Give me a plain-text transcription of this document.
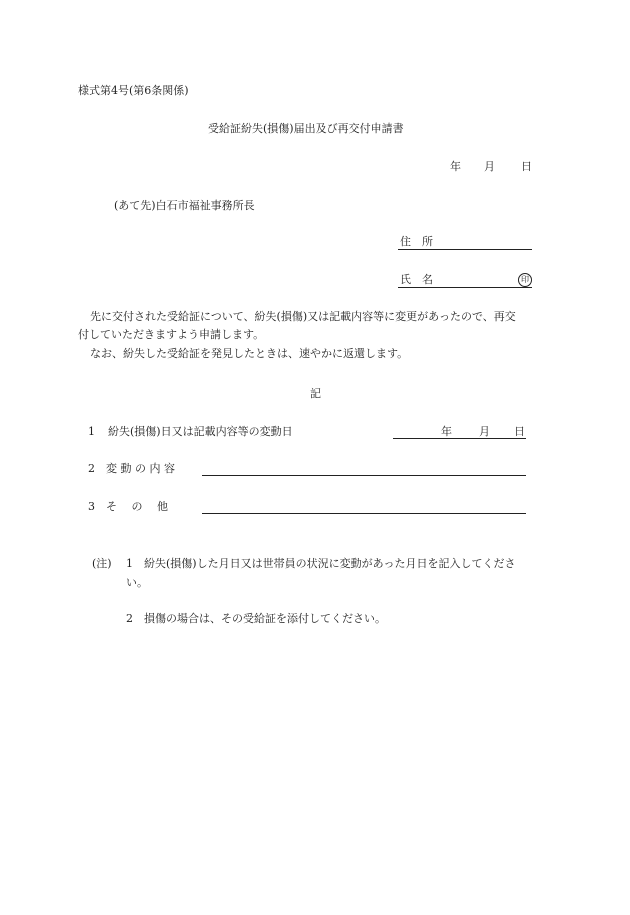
様式第4号(第6条関係)
受給証紛失(損傷)届出及び再交付申請書
年 月 日
(あて先)白石市福祉事務所長
住　所
氏　名	印
先に交付された受給証について、紛失(損傷)又は記載内容等に変更があったので、再交
付していただきますよう申請します。
なお、紛失した受給証を発見したときは、速やかに返還します。
記
1 紛失(損傷)日又は記載内容等の変動日	年 月 日
2 変 動 の 内 容
3 そ　 の　 他
(注) 1 紛失(損傷)した月日又は世帯員の状況に変動があった月日を記入してくださ
い。
2 損傷の場合は、その受給証を添付してください。
